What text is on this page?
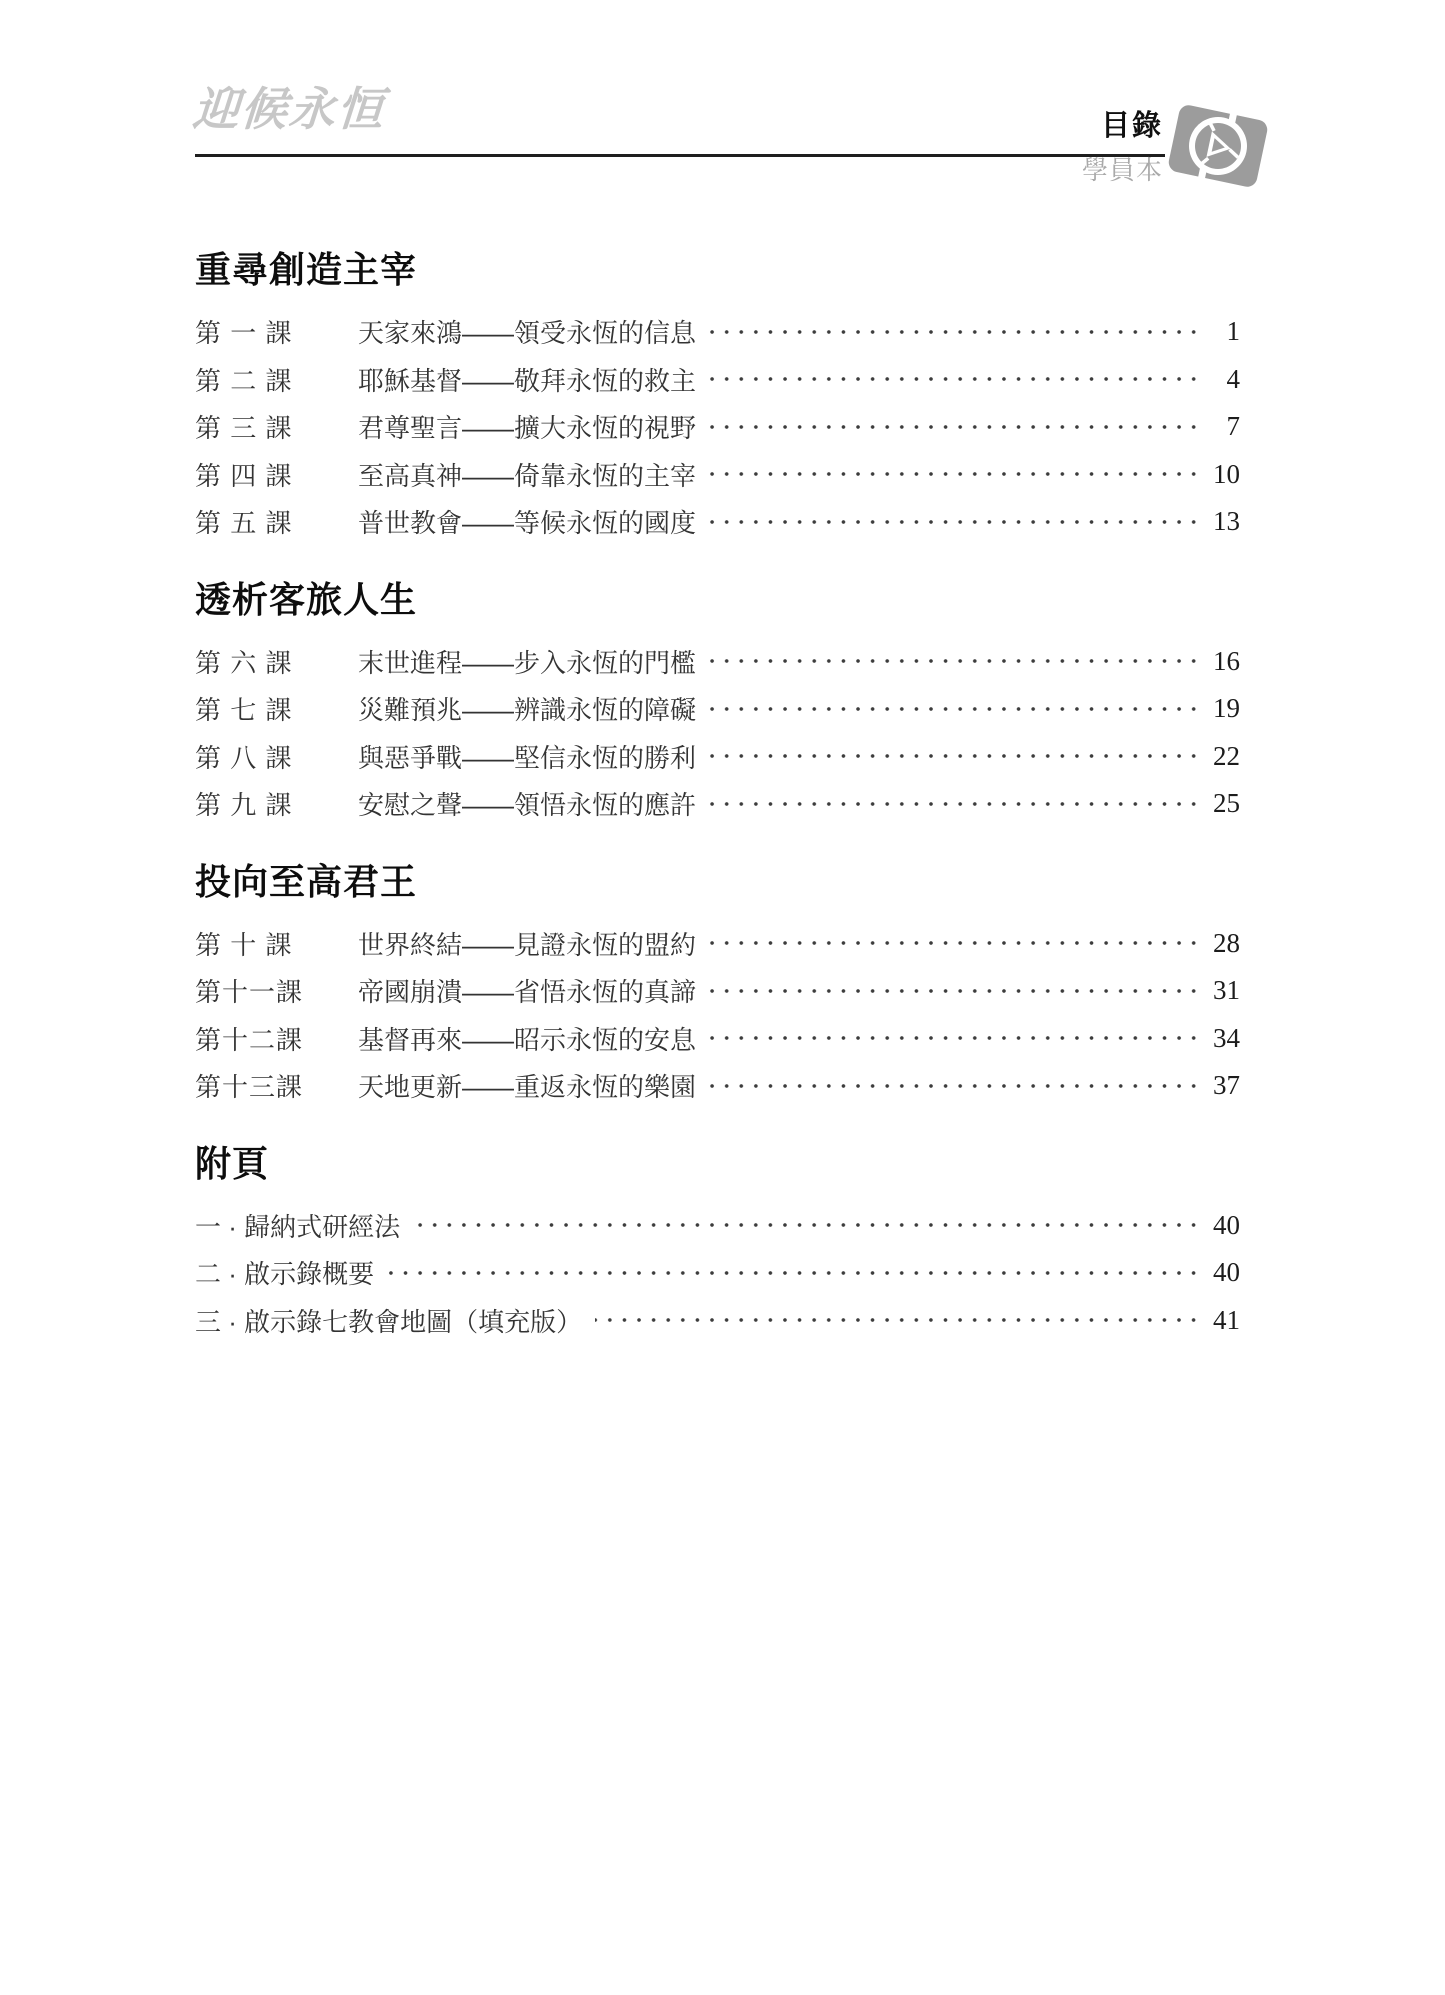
迎候永恒	目錄
學員本
重尋創造主宰
第 一 課	天家來鴻——領受永恆的信息	1
第 二 課	耶穌基督——敬拜永恆的救主	4
第 三 課	君尊聖言——擴大永恆的視野	7
第 四 課	至高真神——倚靠永恆的主宰	10
第 五 課	普世教會——等候永恆的國度	13
透析客旅人生
第 六 課	末世進程——步入永恆的門檻	16
第 七 課	災難預兆——辨識永恆的障礙	19
第 八 課	與惡爭戰——堅信永恆的勝利	22
第 九 課	安慰之聲——領悟永恆的應許	25
投向至高君王
第 十 課	世界終結——見證永恆的盟約	28
第十一課	帝國崩潰——省悟永恆的真諦	31
第十二課	基督再來——昭示永恆的安息	34
第十三課	天地更新——重返永恆的樂園	37
附頁
一 · 歸納式研經法	40
二 · 啟示錄概要	40
三 · 啟示錄七教會地圖（填充版）	41
